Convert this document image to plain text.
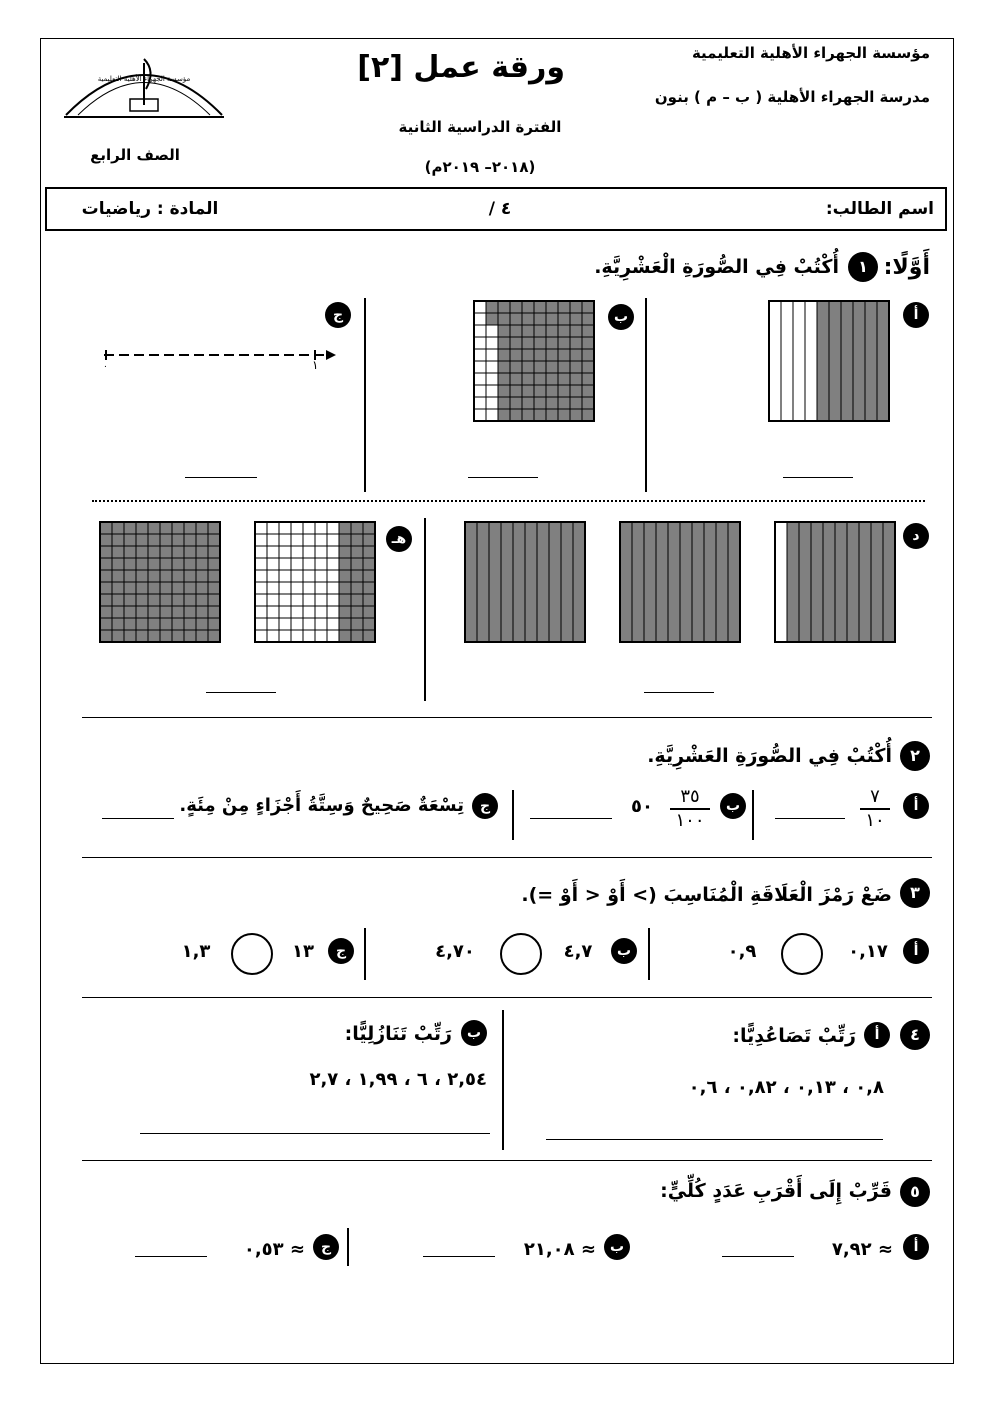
مؤسسة الجهراء الأهلية التعليمية
مؤسسة الجهراء الأهلية التعليمية
مدرسة الجهراء الأهلية ( ب – م ) بنون
ورقة عمل [٢]
الفترة الدراسية الثانية
(٢٠١٨– ٢٠١٩م)
الصف الرابع
اسم الطالب:
٤ /
المادة : رياضيات
أَوَّلًا:
١
أُكْتُبْ فِي الصُّورَةِ الْعَشْرِيَّةِ.
أ
ب
ج
٠	١
د
هـ
٢
أُكْتُبْ فِي الصُّورَةِ العَشْرِيَّةِ.
أ
٧
١٠
ب
٣٥
١٠٠
٥٠
ج
تِسْعَةٌ صَحِيحٌ وَسِتَّةُ أَجْزَاءٍ مِنْ مِئَةٍ.
٣
ضَعْ رَمْزَ الْعَلَاقَةِ الْمُنَاسِبَ (> أَوْ < أَوْ =).
أ
٠,١٧
٠,٩
ب
٤,٧
٤,٧٠
ج
١٣
١,٣
٤
أ
رَتِّبْ تَصَاعُدِيًّا:
٠,٨ ، ٠,١٣ ، ٠,٨٢ ، ٠,٦
ب
رَتِّبْ تَنَازُلِيًّا:
٢,٥٤ ، ٦ ، ١,٩٩ ، ٢,٧
٥
قَرِّبْ إِلَى أَقْرَبِ عَدَدٍ كُلِّيٍّ:
أ
≈ ٧,٩٢
ب
≈ ٢١,٠٨
ج
≈ ٠,٥٣
